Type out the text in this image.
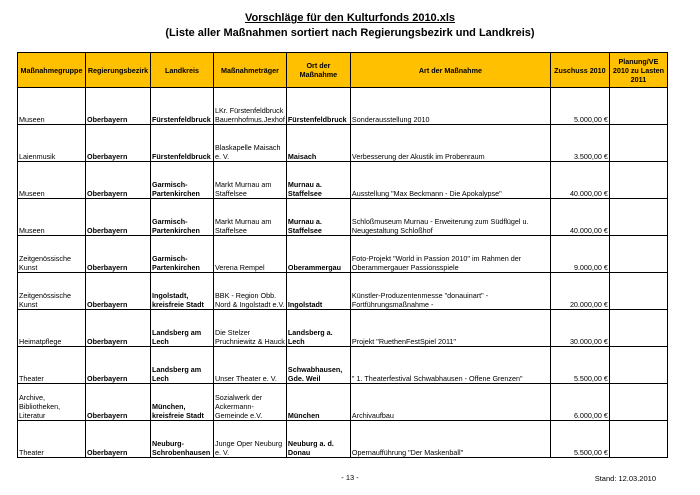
Vorschläge für den Kulturfonds 2010.xls
(Liste aller Maßnahmen sortiert nach Regierungsbezirk und Landkreis)
Maßnahmegruppe	Regierungsbezirk	Landkreis	Maßnahmeträger	Ort der Maßnahme	Art der Maßnahme	Zuschuss 2010	Planung/VE 2010 zu Lasten 2011
Museen	Oberbayern	Fürstenfeldbruck	LKr. Fürstenfeldbruck Bauernhofmus.Jexhof	Fürstenfeldbruck	Sonderausstellung 2010	5.000,00 €	
Laienmusik	Oberbayern	Fürstenfeldbruck	Blaskapelle Maisach e. V.	Maisach	Verbesserung der Akustik im Probenraum	3.500,00 €	
Museen	Oberbayern	Garmisch-Partenkirchen	Markt Murnau am Staffelsee	Murnau a. Staffelsee	Ausstellung "Max Beckmann - Die Apokalypse"	40.000,00 €	
Museen	Oberbayern	Garmisch-Partenkirchen	Markt Murnau am Staffelsee	Murnau a. Staffelsee	Schloßmuseum Murnau - Erweiterung zum Südflügel u. Neugestaltung Schloßhof	40.000,00 €	
Zeitgenössische Kunst	Oberbayern	Garmisch-Partenkirchen	Verena Rempel	Oberammergau	Foto-Projekt "World in Passion 2010" im Rahmen der Oberammergauer Passionsspiele	9.000,00 €	
Zeitgenössische Kunst	Oberbayern	Ingolstadt, kreisfreie Stadt	BBK - Region Obb. Nord & Ingolstadt e.V.	Ingolstadt	Künstler-Produzentenmesse "donauinart" - Fortführungsmaßnahme -	20.000,00 €	
Heimatpflege	Oberbayern	Landsberg am Lech	Die Stelzer Pruchniewitz & Hauck	Landsberg a. Lech	Projekt "RuethenFestSpiel 2011"	30.000,00 €	
Theater	Oberbayern	Landsberg am Lech	Unser Theater e. V.	Schwabhausen, Gde. Weil	" 1. Theaterfestival Schwabhausen - Offene Grenzen"	5.500,00 €	
Archive, Bibliotheken, Literatur	Oberbayern	München, kreisfreie Stadt	Sozialwerk der Ackermann-Gemeinde e.V.	München	Archivaufbau	6.000,00 €	
Theater	Oberbayern	Neuburg-Schrobenhausen	Junge Oper Neuburg e. V.	Neuburg a. d. Donau	Opernaufführung "Der Maskenball"	5.500,00 €	
- 13 -	Stand: 12.03.2010
